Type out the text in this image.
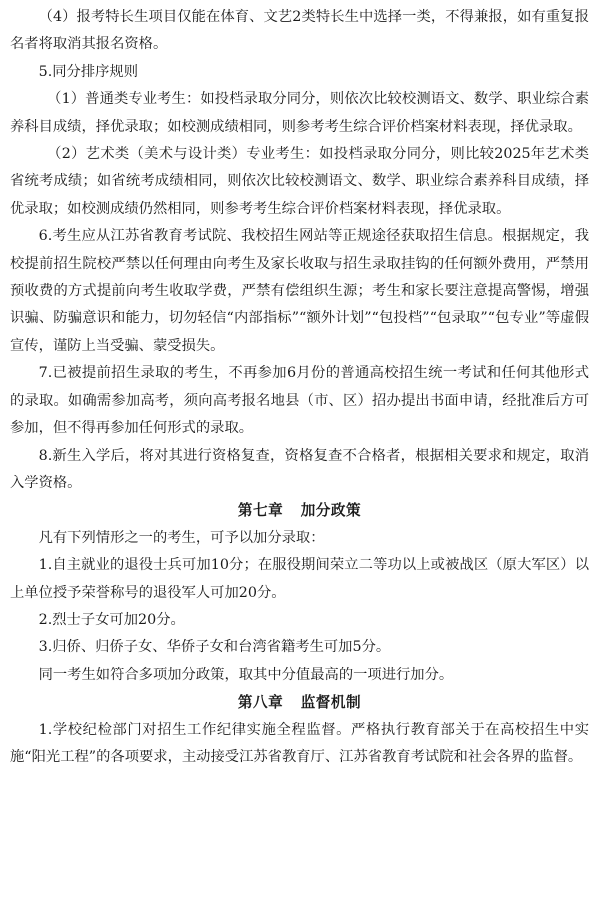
（4）报考特长生项目仅能在体育、文艺2类特长生中选择一类，不得兼报，如有重复报名者将取消其报名资格。

5.同分排序规则

（1）普通类专业考生：如投档录取分同分，则依次比较校测语文、数学、职业综合素养科目成绩，择优录取；如校测成绩相同，则参考考生综合评价档案材料表现，择优录取。

（2）艺术类（美术与设计类）专业考生：如投档录取分同分，则比较2025年艺术类省统考成绩；如省统考成绩相同，则依次比较校测语文、数学、职业综合素养科目成绩，择优录取；如校测成绩仍然相同，则参考考生综合评价档案材料表现，择优录取。

6.考生应从江苏省教育考试院、我校招生网站等正规途径获取招生信息。根据规定，我校提前招生院校严禁以任何理由向考生及家长收取与招生录取挂钩的任何额外费用，严禁用预收费的方式提前向考生收取学费，严禁有偿组织生源；考生和家长要注意提高警惕，增强识骗、防骗意识和能力，切勿轻信“内部指标”“额外计划”“包投档”“包录取”“包专业”等虚假宣传，谨防上当受骗、蒙受损失。

7.已被提前招生录取的考生，不再参加6月份的普通高校招生统一考试和任何其他形式的录取。如确需参加高考，须向高考报名地县（市、区）招办提出书面申请，经批准后方可参加，但不得再参加任何形式的录取。

8.新生入学后，将对其进行资格复查，资格复查不合格者，根据相关要求和规定，取消入学资格。

第七章 加分政策

凡有下列情形之一的考生，可予以加分录取：

1.自主就业的退役士兵可加10分；在服役期间荣立二等功以上或被战区（原大军区）以上单位授予荣誉称号的退役军人可加20分。

2.烈士子女可加20分。

3.归侨、归侨子女、华侨子女和台湾省籍考生可加5分。

同一考生如符合多项加分政策，取其中分值最高的一项进行加分。

第八章 监督机制

1.学校纪检部门对招生工作纪律实施全程监督。严格执行教育部关于在高校招生中实施“阳光工程”的各项要求，主动接受江苏省教育厅、江苏省教育考试院和社会各界的监督。
